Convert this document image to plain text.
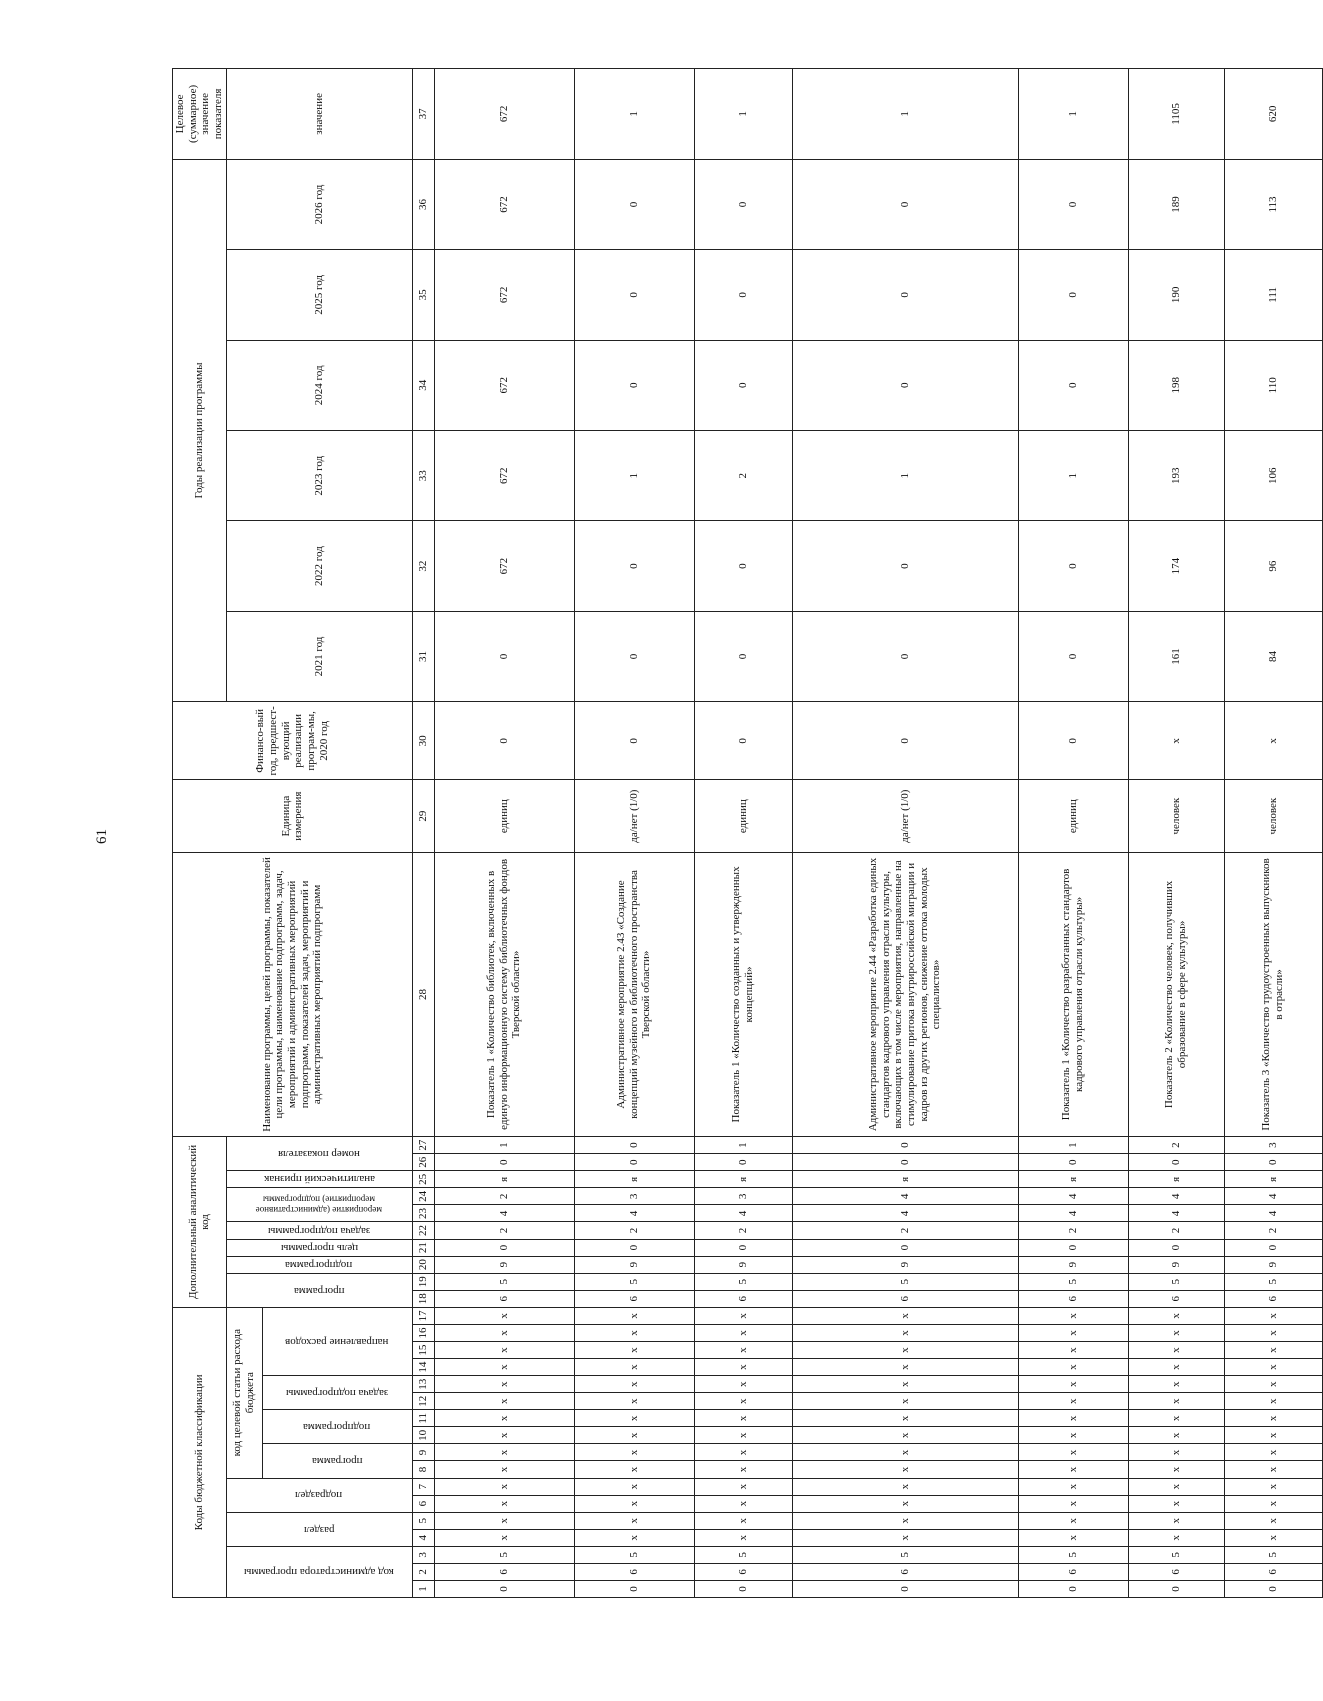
61
Коды бюджетной классификации																	Дополнительный аналитический код										Наименование программы, целей программы, показателей цели программы, наименование подпрограмм, задач, мероприятий и административных мероприятий подпрограмм, показателей задач, мероприятий и административных мероприятий подпрограмм	Единица измерения	Финансо-вый год, предшест-вующий реализации програм-мы, 2020 год	Годы реализации программы						Целевое (суммарное) значение показателя

код администратора программы			раздел		подраздел		код целевой статьи расхода бюджета										программа		подпрограмма	цель программы	задача подпрограммы	мероприятие (административное мероприятие) подпрограммы		аналитический признак	номер показателя					2021 год	2022 год	2023 год	2024 год	2025 год	2026 год	значение

							программа		подпрограмма		задача подпрограммы		направление расходов																							

1	2	3	4	5	6	7	8	9	10	11	12	13	14	15	16	17	18	19	20	21	22	23	24	25	26	27	28	29	30	31	32	33	34	35	36	37
0	6	5	x	x	x	x	x	x	x	x	x	x	x	x	x	x	6	5	9	0	2	4	2	я	0	1	Показатель 1 «Количество библиотек, включенных в единую информационную систему библиотечных фондов Тверской области»	единиц	0	0	672	672	672	672	672	672
0	6	5	x	x	x	x	x	x	x	x	x	x	x	x	x	x	6	5	9	0	2	4	3	я	0	0	Административное мероприятие 2.43 «Создание концепций музейного и библиотечного пространства Тверской области»	да/нет (1/0)	0	0	0	1	0	0	0	1
0	6	5	x	x	x	x	x	x	x	x	x	x	x	x	x	x	6	5	9	0	2	4	3	я	0	1	Показатель 1 «Количество созданных и утвержденных концепций»	единиц	0	0	0	2	0	0	0	1
0	6	5	x	x	x	x	x	x	x	x	x	x	x	x	x	x	6	5	9	0	2	4	4	я	0	0	Административное мероприятие 2.44 «Разработка единых стандартов кадрового управления отрасли культуры, включающих в том числе мероприятия, направленные на стимулирование притока внутрироссийской миграции и кадров из других регионов, снижение оттока молодых специалистов»	да/нет (1/0)	0	0	0	1	0	0	0	1
0	6	5	x	x	x	x	x	x	x	x	x	x	x	x	x	x	6	5	9	0	2	4	4	я	0	1	Показатель 1 «Количество разработанных стандартов кадрового управления отрасли культуры»	единиц	0	0	0	1	0	0	0	1
0	6	5	x	x	x	x	x	x	x	x	x	x	x	x	x	x	6	5	9	0	2	4	4	я	0	2	Показатель 2 «Количество человек, получивших образование в сфере культуры»	человек	x	161	174	193	198	190	189	1105
0	6	5	x	x	x	x	x	x	x	x	x	x	x	x	x	x	6	5	9	0	2	4	4	я	0	3	Показатель 3 «Количество трудоустроенных выпускников в отрасли»	человек	x	84	96	106	110	111	113	620
